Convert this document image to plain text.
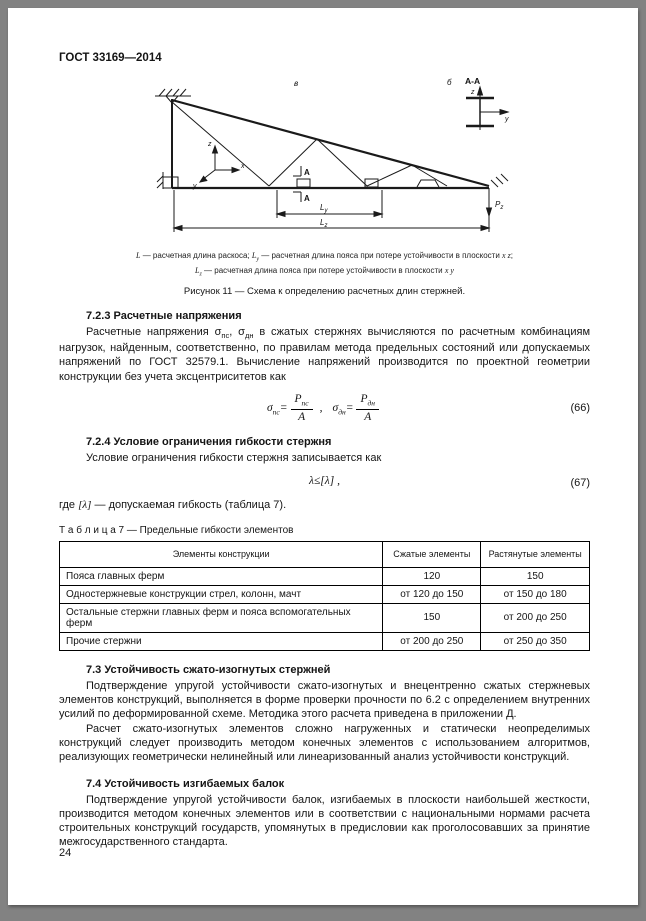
ГОСТ 33169—2014
в	б А-А
z
x
y
А
А
$L_y$
$L_z$
$P_z$
z
y
L — расчетная длина раскоса; $L_y$ — расчетная длина пояса при потере устойчивости в плоскости x z;
$L_z$ — расчетная длина пояса при потере устойчивости в плоскости x y
Рисунок 11 — Схема к определению расчетных длин стержней.
7.2.3 Расчетные напряжения

Расчетные напряжения $\sigma_{пс}$, $\sigma_{дн}$ в сжатых стержнях вычисляются по расчетным комбинациям нагрузок, найденным, соответственно, по правилам метода предельных состояний или допускаемых напряжений по ГОСТ 32579.1. Вычисление напряжений производится по проектной геометрии конструкции без учета эксцентриситетов как

$\sigma_{пс}= \frac{P_{пс}}{A}$ , $\sigma_{дн}= \frac{P_{дн}}{A}$	(66)
7.2.4 Условие ограничения гибкости стержня

Условие ограничения гибкости стержня записывается как

λ≤[λ] ,	(67)

где [λ] — допускаемая гибкость (таблица 7).

Т а б л и ц а 7 — Предельные гибкости элементов
Элементы конструкции	Сжатые элементы	Растянутые элементы
Пояса главных ферм	120	150
Одностержневые конструкции стрел, колонн, мачт	от 120 до 150	от 150 до 180
Остальные стержни главных ферм и пояса вспомогательных ферм	150	от 200 до 250
Прочие стержни	от 200 до 250	от 250 до 350
7.3 Устойчивость сжато-изогнутых стержней

Подтверждение упругой устойчивости сжато-изогнутых и внецентренно сжатых стержневых элементов конструкций, выполняется в форме проверки прочности по 6.2 с определением внутренних усилий по деформированной схеме. Методика этого расчета приведена в приложении Д.

Расчет сжато-изогнутых элементов сложно нагруженных и статически неопределимых конструкций следует производить методом конечных элементов с использованием алгоритмов, реализующих геометрически нелинейный или линеаризованный анализ устойчивости конструкций.

7.4 Устойчивость изгибаемых балок

Подтверждение упругой устойчивости балок, изгибаемых в плоскости наибольшей жесткости, производится методом конечных элементов или в соответствии с национальными нормами расчета строительных конструкций государств, упомянутых в предисловии как проголосовавших за принятие межгосударственного стандарта.

24
